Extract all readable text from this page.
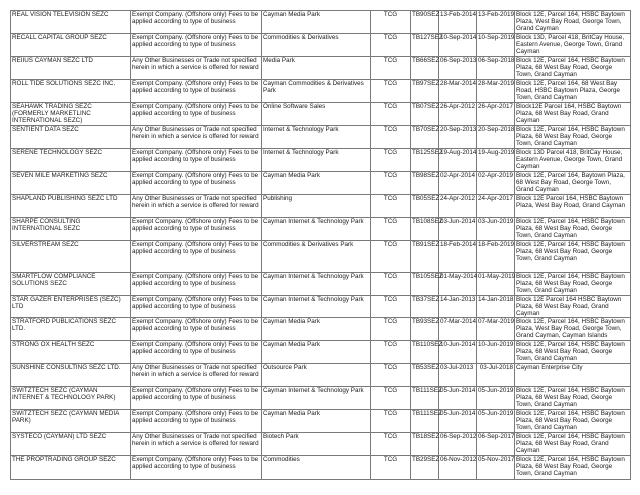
REAL VISION TELEVISION SEZC	Exempt Company. (Offshore only) Fees to be applied according to type of business	Cayman Media Park	TCG	TB90SEZ	13-Feb-2014	13-Feb-2019	Block 12E, Parcel 164, HSBC Baytown Plaza, West Bay Road, George Town, Grand Cayman
RECALL CAPITAL GROUP SEZC	Exempt Company. (Offshore only) Fees to be applied according to type of business	Commodities & Derivatives	TCG	TB127SEZ	10-Sep-2014	10-Sep-2019	Block 13D, Parcel 418, BritCay House, Eastern Avenue, George Town, Grand Cayman
REIIUS CAYMAN SEZC LTD	Any Other Businesses or Trade not specified herein in which a service is offered for reward	Media Park	TCG	TB66SEZ	06-Sep-2013	06-Sep-2018	Block 12E, Parcel 164, HSBC Baytown Plaza, 68 West Bay Road, George Town, Grand Cayman
ROLL TIDE SOLUTIONS SEZC INC.	Exempt Company. (Offshore only) Fees to be applied according to type of business	Cayman Commodities & Derivatives Park	TCG	TB97SEZ	28-Mar-2014	28-Mar-2019	Block 12E, Parcel 164, 68 West Bay Road, HSBC Baytown Plaza, George Town, Grand Cayman
SEAHAWK TRADING SEZC (FORMERLY MARKETLINC INTERNATIONAL SEZC)	Exempt Company. (Offshore only) Fees to be applied according to type of business	Online Software Sales	TCG	TB07SEZ	26-Apr-2012	26-Apr-2017	Block12E Parcel 164, HSBC Baytown Plaza, 68 West Bay Road, Grand Cayman
SENTIENT DATA SEZC	Any Other Businesses or Trade not specified herein in which a service is offered for reward	Internet & Technology Park	TCG	TB70SEZ	20-Sep-2013	20-Sep-2018	Block 12E, Parcel 164, HSBC Baytown Plaza, 68 West Bay Road, George Town, Grand Cayman
SERENE TECHNOLOGY SEZC	Exempt Company. (Offshore only) Fees to be applied according to type of business	Internet & Technology Park	TCG	TB125SEZ	19-Aug-2014	19-Aug-2019	Block 13D Parcel 418, BritCay House, Eastern Avenue, George Town, Grand Cayman
SEVEN MILE MARKETING SEZC	Exempt Company. (Offshore only) Fees to be applied according to type of business	Cayman Media Park	TCG	TB98SEZ	02-Apr-2014	02-Apr-2019	Block 12E, Parcel 164, Baytown Plaza, 68 West Bay Road, George Town, Grand Cayman
SHAPLAND PUBLISHING SEZC LTD	Any Other Businesses or Trade not specified herein in which a service is offered for reward	Publishing	TCG	TB05SEZ	24-Apr-2012	24-Apr-2017	Block 12E Parcel 164, HSBC Baytown Plaza, West Bay Road, Grand Cayman
SHARPE CONSULTING INTERNATIONAL SEZC	Exempt Company. (Offshore only) Fees to be applied according to type of business	Cayman Internet & Technology Park	TCG	TB108SEZ	03-Jun-2014	03-Jun-2019	Block 12E, Parcel 164, HSBC Baytown Plaza, 68 West Bay Road, George Town, Grand Cayman
SILVERSTREAM SEZC	Exempt Company. (Offshore only) Fees to be applied according to type of business	Commodities & Derivatives Park	TCG	TB91SEZ	18-Feb-2014	18-Feb-2019	Block 12E, Parcel 164, HSBC Baytown Plaza, 68 West Bay Road, George Town, Grand Cayman
SMARTFLOW COMPLIANCE SOLUTIONS SEZC	Exempt Company. (Offshore only) Fees to be applied according to type of business	Cayman Internet & Technology Park	TCG	TB105SEZ	01-May-2014	01-May-2019	Block 12E, Parcel 164, HSBC Baytown Plaza, 68 West Bay Road, George Town, Grand Cayman
STAR GAZER ENTERPRISES (SEZC) LTD	Exempt Company. (Offshore only) Fees to be applied according to type of business	Cayman Internet & Technology Park	TCG	TB37SEZ	14-Jan-2013	14-Jan-2018	Block 12E Parcel 164 HSBC Baytown Plaza, 68 West Bay Road, Grand Cayman
STRATFORD PUBLICATIONS SEZC LTD.	Exempt Company. (Offshore only) Fees to be applied according to type of business	Cayman Media Park	TCG	TB93SEZ	07-Mar-2014	07-Mar-2019	Block 12E, Parcel 164, HSBC Baytown Plaza, West Bay Road, George Town, Grand Cayman, Cayman Islands
STRONG OX HEALTH SEZC	Exempt Company. (Offshore only) Fees to be applied according to type of business	Cayman Media Park	TCG	TB110SEZ	10-Jun-2014	10-Jun-2019	Block 12E, Parcel 164, HSBC Baytown Plaza, 68 West Bay Road, George Town, Grand Cayman
SUNSHINE CONSULTING SEZC LTD.	Any Other Businesses or Trade not specified herein in which a service is offered for reward	Outsource Park	TCG	TB53SEZ	03-Jul-2013	03-Jul-2018	Cayman Enterprise City
SWITZTECH SEZC (CAYMAN INTERNET & TECHNOLOGY PARK)	Exempt Company. (Offshore only) Fees to be applied according to type of business	Cayman Internet & Technology Park	TCG	TB111SEZ	05-Jun-2014	05-Jun-2019	Block 12E, Parcel 164, HSBC Baytown Plaza, 68 West Bay Road, George Town, Grand Cayman
SWITZTECH SEZC (CAYMAN MEDIA PARK)	Exempt Company. (Offshore only) Fees to be applied according to type of business	Cayman Media Park	TCG	TB111SEZ	05-Jun-2014	05-Jun-2019	Block 12E, Parcel 164, HSBC Baytown Plaza, 68 West Bay Road, George Town, Grand Cayman
SYSTECO (CAYMAN) LTD SEZC	Any Other Businesses or Trade not specified herein in which a service is offered for reward	Biotech Park	TCG	TB18SEZ	06-Sep-2012	06-Sep-2017	Block 12E, Parcel 164, HSBC Baytown Plaza, 68 West Bay Road, Grand Cayman
THE PROPTRADING GROUP SEZC	Exempt Company. (Offshore only) Fees to be applied according to type of business	Commodities	TCG	TB29SEZ	06-Nov-2012	05-Nov-2017	Block 12E, Parcel 164, HSBC Baytown Plaza, 68 West Bay Road, George Town, Grand Cayman
